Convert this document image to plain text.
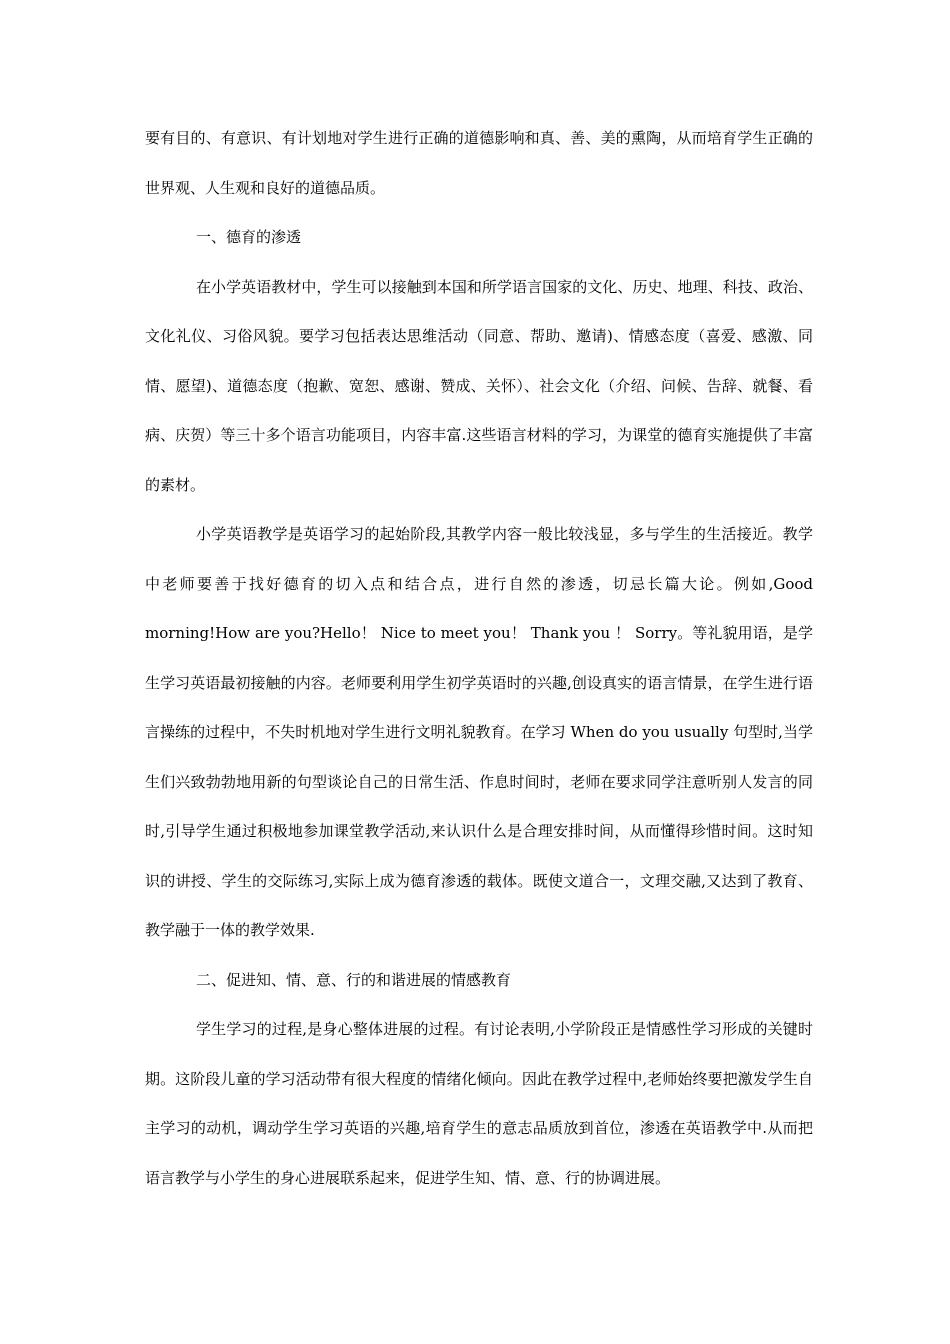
要有目的、有意识、有计划地对学生进行正确的道德影响和真、善、美的熏陶，从而培育学生正确的世界观、人生观和良好的道德品质。

一、德育的渗透

在小学英语教材中，学生可以接触到本国和所学语言国家的文化、历史、地理、科技、政治、文化礼仪、习俗风貌。要学习包括表达思维活动（同意、帮助、邀请)、情感态度（喜爱、感激、同情、愿望)、道德态度（抱歉、宽恕、感谢、赞成、关怀）、社会文化（介绍、问候、告辞、就餐、看病、庆贺）等三十多个语言功能项目，内容丰富.这些语言材料的学习，为课堂的德育实施提供了丰富的素材。

小学英语教学是英语学习的起始阶段,其教学内容一般比较浅显，多与学生的生活接近。教学中老师要善于找好德育的切入点和结合点，进行自然的渗透，切忌长篇大论。例如,Good morning!How are you?Hello！ Nice to meet you！ Thank you ！ Sorry。等礼貌用语，是学生学习英语最初接触的内容。老师要利用学生初学英语时的兴趣,创设真实的语言情景，在学生进行语言操练的过程中，不失时机地对学生进行文明礼貌教育。在学习 When do you usually 句型时,当学生们兴致勃勃地用新的句型谈论自己的日常生活、作息时间时，老师在要求同学注意听别人发言的同时,引导学生通过积极地参加课堂教学活动,来认识什么是合理安排时间，从而懂得珍惜时间。这时知识的讲授、学生的交际练习,实际上成为德育渗透的载体。既使文道合一，文理交融,又达到了教育、教学融于一体的教学效果.

二、促进知、情、意、行的和谐进展的情感教育

学生学习的过程,是身心整体进展的过程。有讨论表明,小学阶段正是情感性学习形成的关键时期。这阶段儿童的学习活动带有很大程度的情绪化倾向。因此在教学过程中,老师始终要把激发学生自主学习的动机，调动学生学习英语的兴趣,培育学生的意志品质放到首位，渗透在英语教学中.从而把语言教学与小学生的身心进展联系起来，促进学生知、情、意、行的协调进展。
